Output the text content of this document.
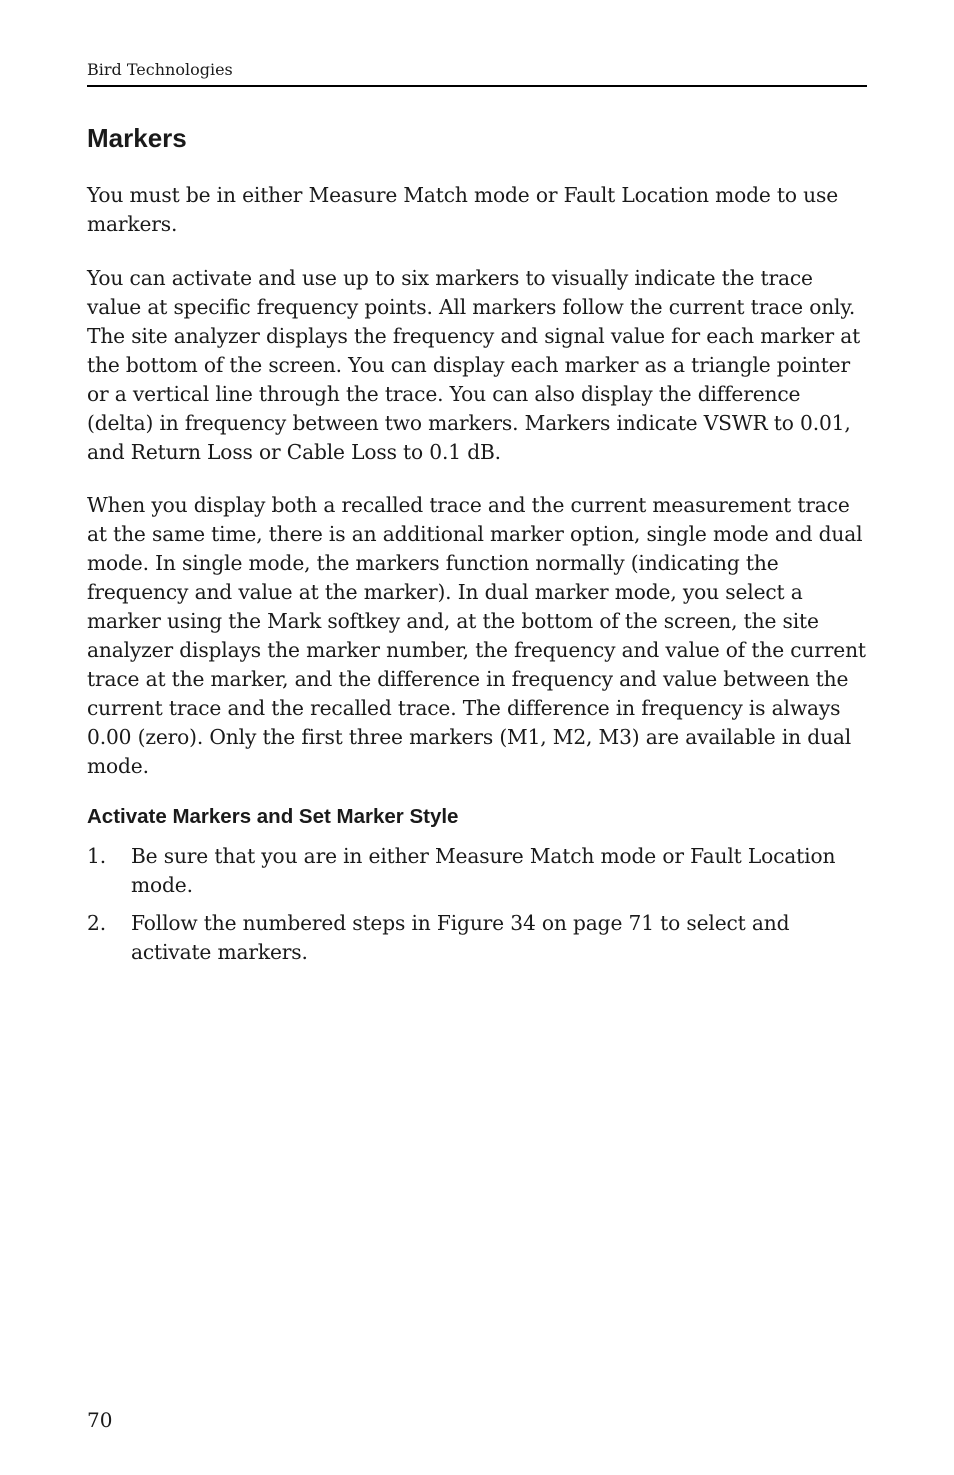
Bird Technologies
Markers

You must be in either Measure Match mode or Fault Location mode to use markers.

You can activate and use up to six markers to visually indicate the trace value at specific frequency points. All markers follow the current trace only. The site analyzer displays the frequency and signal value for each marker at the bottom of the screen. You can display each marker as a triangle pointer or a vertical line through the trace. You can also display the difference (delta) in frequency between two markers. Markers indicate VSWR to 0.01, and Return Loss or Cable Loss to 0.1 dB.

When you display both a recalled trace and the current measurement trace at the same time, there is an additional marker option, single mode and dual mode. In single mode, the markers function normally (indicating the frequency and value at the marker). In dual marker mode, you select a marker using the Mark softkey and, at the bottom of the screen, the site analyzer displays the marker number, the frequency and value of the current trace at the marker, and the difference in frequency and value between the current trace and the recalled trace. The difference in frequency is always 0.00 (zero). Only the first three markers (M1, M2, M3) are available in dual mode.

Activate Markers and Set Marker Style
1. Be sure that you are in either Measure Match mode or Fault Location mode.
2. Follow the numbered steps in Figure 34 on page 71 to select and activate markers.
70
